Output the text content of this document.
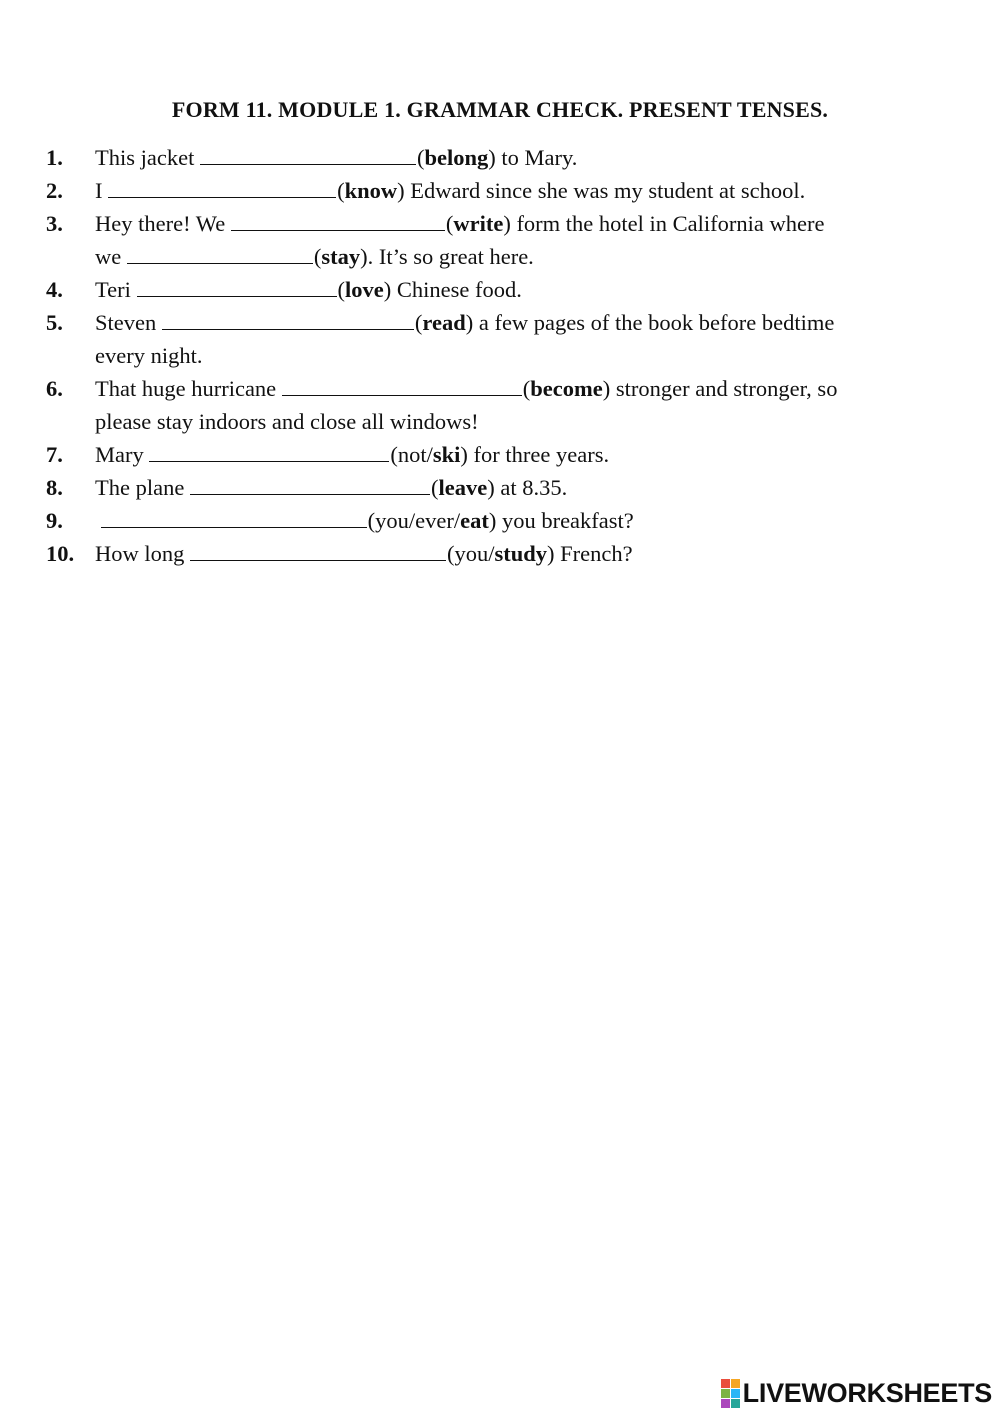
FORM 11. MODULE 1. GRAMMAR CHECK. PRESENT TENSES.
1.	This jacket	(belong) to Mary.
2.	I	(know) Edward since she was my student at school.
3.	Hey there! We	(write) form the hotel in California where
we	(stay). It’s so great here.
4.	Teri	(love) Chinese food.
5.	Steven	(read) a few pages of the book before bedtime
every night.
6.	That huge hurricane	(become) stronger and stronger, so
please stay indoors and close all windows!
7.	Mary	(not/ski) for three years.
8.	The plane	(leave) at 8.35.
9.	(you/ever/eat) you breakfast?
10. How long	(you/study) French?
LIVEWORKSHEETS
